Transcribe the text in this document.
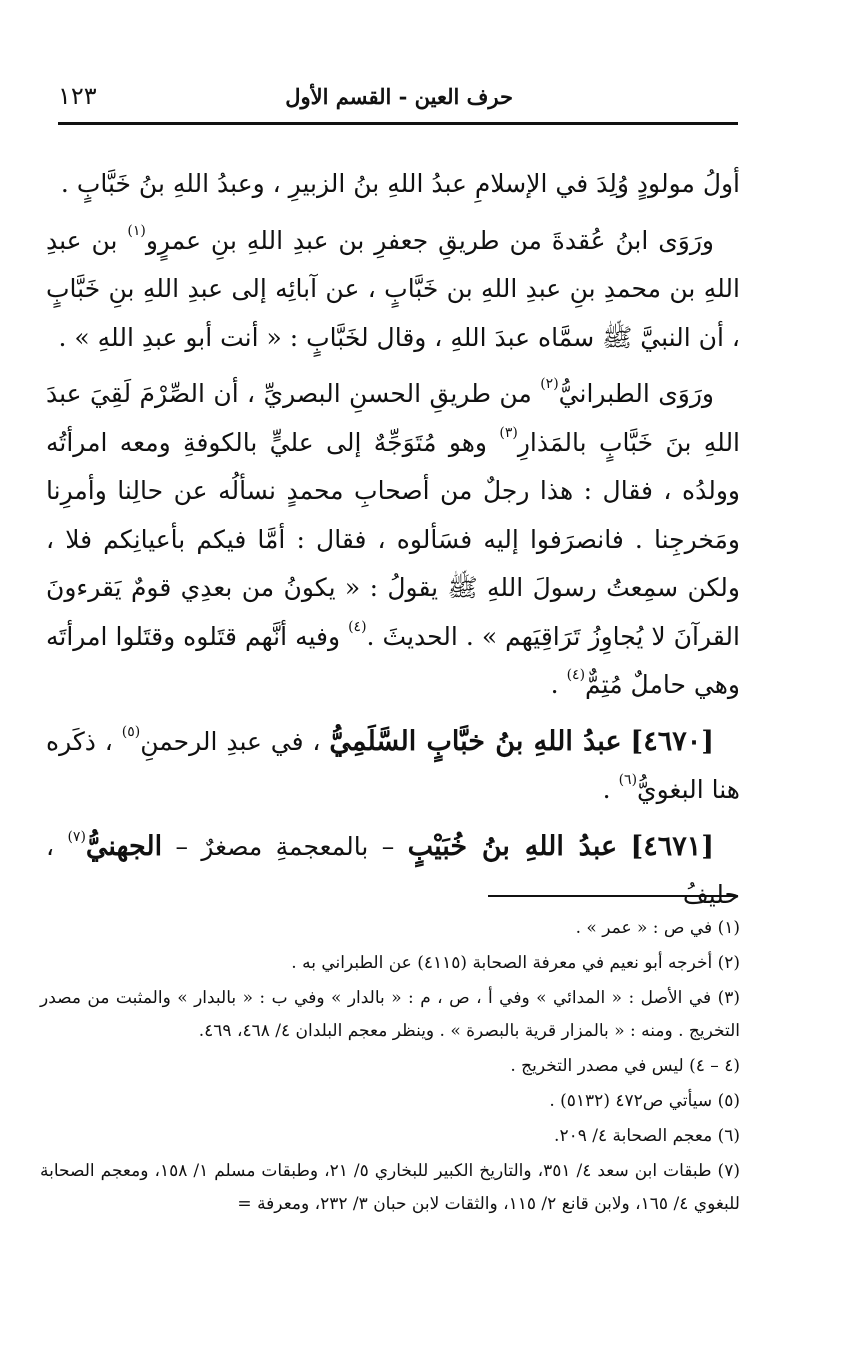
حرف العين - القسم الأول
١٢٣

أولُ مولودٍ وُلِدَ في الإسلامِ عبدُ اللهِ بنُ الزبيرِ ، وعبدُ اللهِ بنُ خَبَّابٍ .

ورَوَى ابنُ عُقدةَ من طريقِ جعفرِ بن عبدِ اللهِ بنِ عمرٍو$^{(١)}$ بن عبدِ اللهِ بن محمدِ بنِ عبدِ اللهِ بن خَبَّابٍ ، عن آبائِه إلى عبدِ اللهِ بنِ خَبَّابٍ ، أن النبيَّ ﷺ سمَّاه عبدَ اللهِ ، وقال لخَبَّابٍ : « أنت أبو عبدِ اللهِ » .

ورَوَى الطبرانيُّ$^{(٢)}$ من طريقِ الحسنِ البصريِّ ، أن الصِّرْمَ لَقِيَ عبدَ اللهِ بنَ خَبَّابٍ بالمَذارِ$^{(٣)}$ وهو مُتَوَجِّهٌ إلى عليٍّ بالكوفةِ ومعه امرأتُه وولدُه ، فقال : هذا رجلٌ من أصحابِ محمدٍ نسألُه عن حالِنا وأمرِنا ومَخرجِنا . فانصرَفوا إليه فسَألوه ، فقال : أمَّا فيكم بأعيانِكم فلا ، ولكن سمِعتُ رسولَ اللهِ ﷺ يقولُ : « يكونُ من بعدِي قومٌ يَقرءونَ القرآنَ لا يُجاوِزُ تَرَاقِيَهم » . الحديثَ .$^{(٤)}$ وفيه أنَّهم قتَلوه وقتَلوا امرأتَه وهي حاملٌ مُتِمٌّ$^{(٤)}$ .

[٤٦٧٠] عبدُ اللهِ بنُ خبَّابٍ السَّلَمِيُّ ، في عبدِ الرحمنِ$^{(٥)}$ ، ذكَره هنا البغويُّ$^{(٦)}$ .

[٤٦٧١] عبدُ اللهِ بنُ خُبَيْبٍ – بالمعجمةِ مصغرٌ – الجهنيُّ$^{(٧)}$ ، حليفُ

(١) في ص : « عمر » .
(٢) أخرجه أبو نعيم في معرفة الصحابة (٤١١٥) عن الطبراني به .
(٣) في الأصل : « المدائي » وفي أ ، ص ، م : « بالدار » وفي ب : « بالبدار » والمثبت من مصدر التخريج . ومنه : « بالمزار قرية بالبصرة » . وينظر معجم البلدان ٤/ ٤٦٨، ٤٦٩.
(٤ – ٤) ليس في مصدر التخريج .
(٥) سيأتي ص٤٧٢ (٥١٣٢) .
(٦) معجم الصحابة ٤/ ٢٠٩.
(٧) طبقات ابن سعد ٤/ ٣٥١، والتاريخ الكبير للبخاري ٥/ ٢١، وطبقات مسلم ١/ ١٥٨، ومعجم الصحابة للبغوي ٤/ ١٦٥، ولابن قانع ٢/ ١١٥، والثقات لابن حبان ٣/ ٢٣٢، ومعرفة =
